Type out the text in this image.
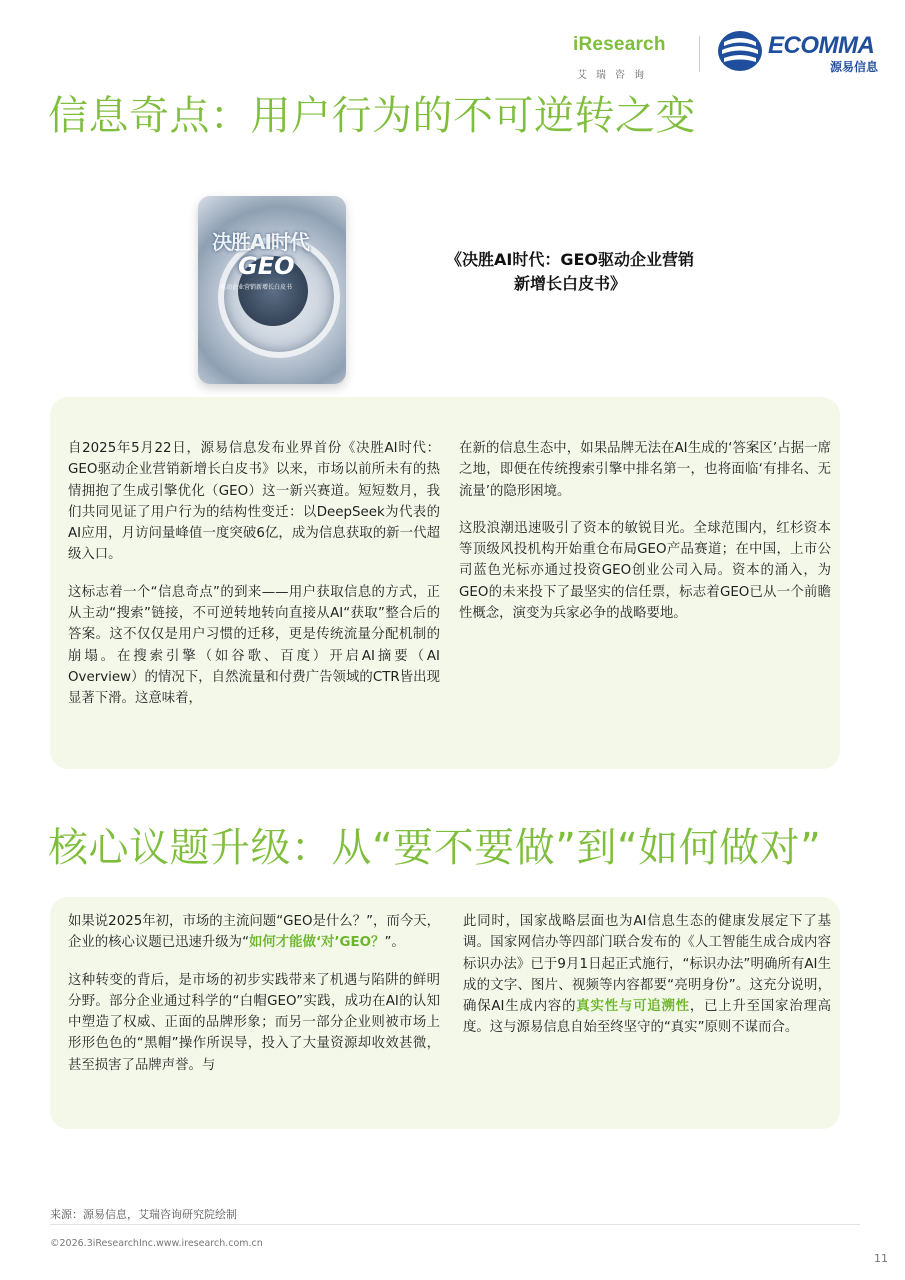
iResearch
艾瑞咨询
ECOMMA
源易信息
信息奇点：用户行为的不可逆转之变
决胜AI时代
GEO
驱动企业营销新增长白皮书
《决胜AI时代：GEO驱动企业营销
新增长白皮书》

自2025年5月22日，源易信息发布业界首份《决胜AI时代：GEO驱动企业营销新增长白皮书》以来，市场以前所未有的热情拥抱了生成引擎优化（GEO）这一新兴赛道。短短数月，我们共同见证了用户行为的结构性变迁：以DeepSeek为代表的AI应用，月访问量峰值一度突破6亿，成为信息获取的新一代超级入口。

这标志着一个“信息奇点”的到来——用户获取信息的方式，正从主动“搜索”链接，不可逆转地转向直接从AI“获取”整合后的答案。这不仅仅是用户习惯的迁移，更是传统流量分配机制的崩塌。在搜索引擎（如谷歌、百度）开启AI摘要（AI Overview）的情况下，自然流量和付费广告领域的CTR皆出现显著下滑。这意味着，

在新的信息生态中，如果品牌无法在AI生成的‘答案区’占据一席之地，即便在传统搜索引擎中排名第一，也将面临‘有排名、无流量’的隐形困境。

这股浪潮迅速吸引了资本的敏锐目光。全球范围内，红杉资本等顶级风投机构开始重仓布局GEO产品赛道；在中国，上市公司蓝色光标亦通过投资GEO创业公司入局。资本的涌入，为GEO的未来投下了最坚实的信任票，标志着GEO已从一个前瞻性概念，演变为兵家必争的战略要地。

核心议题升级：从“要不要做”到“如何做对”

如果说2025年初，市场的主流问题“GEO是什么？”，而今天，企业的核心议题已迅速升级为“如何才能做‘对’GEO？”。

这种转变的背后，是市场的初步实践带来了机遇与陷阱的鲜明分野。部分企业通过科学的“白帽GEO”实践，成功在AI的认知中塑造了权威、正面的品牌形象；而另一部分企业则被市场上形形色色的“黑帽”操作所误导，投入了大量资源却收效甚微，甚至损害了品牌声誉。与

此同时，国家战略层面也为AI信息生态的健康发展定下了基调。国家网信办等四部门联合发布的《人工智能生成合成内容标识办法》已于9月1日起正式施行，“标识办法”明确所有AI生成的文字、图片、视频等内容都要“亮明身份”。这充分说明，确保AI生成内容的真实性与可追溯性，已上升至国家治理高度。这与源易信息自始至终坚守的“真实”原则不谋而合。

来源：源易信息，艾瑞咨询研究院绘制
©2026.3iResearchInc.www.iresearch.com.cn
11
